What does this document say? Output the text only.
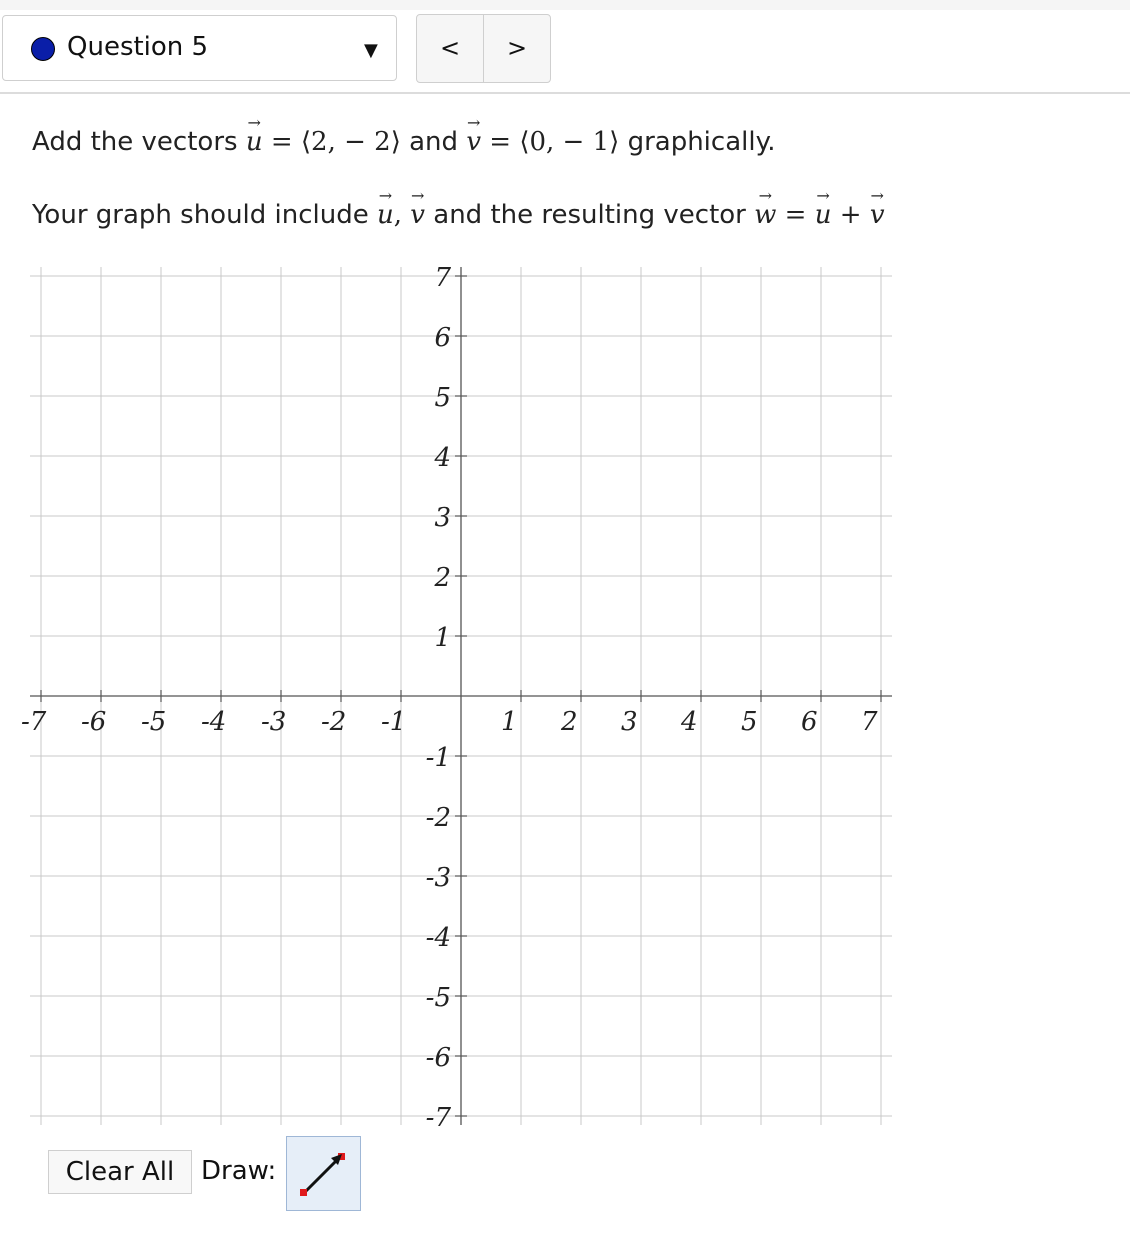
Question 5	▼	<	>
Add the vectors → u = ⟨2, − 2⟩ and → v = ⟨0, − 1⟩ graphically.
Your graph should include → u, → v and the resulting vector → w = → u + → v
-7 -6 -5 -4 -3 -2 -1	1 2 3 4 5 6 7
7
6
5
4
3
2
1
-1
-2
-3
-4
-5
-6
-7
Clear All	Draw:
